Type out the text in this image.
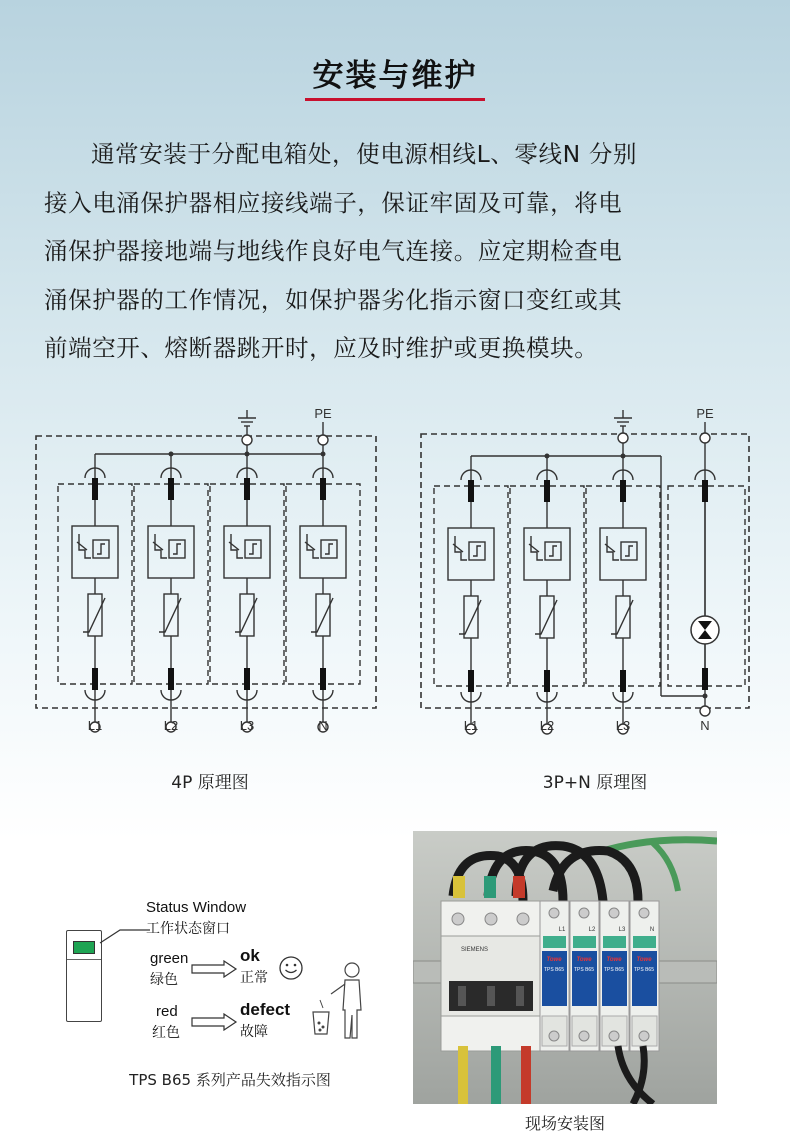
安装与维护
通常安装于分配电箱处，使电源相线L、零线N 分别
接入电涌保护器相应接线端子，保证牢固及可靠，将电
涌保护器接地端与地线作良好电气连接。应定期检查电
涌保护器的工作情况，如保护器劣化指示窗口变红或其
前端空开、熔断器跳开时，应及时维护或更换模块。
PE
L1	L2	L3	N
4P 原理图
PE
L1	L2	L3	N
3P+N 原理图
Status Window
工作状态窗口
green
绿色
ok
正常
red
红色
defect
故障
TPS B65 系列产品失效指示图
SIEMENS
Towe
TPS B65
L1
Towe
TPS B65
L2
Towe
TPS B65
L3
Towe
TPS B65
N
现场安装图
